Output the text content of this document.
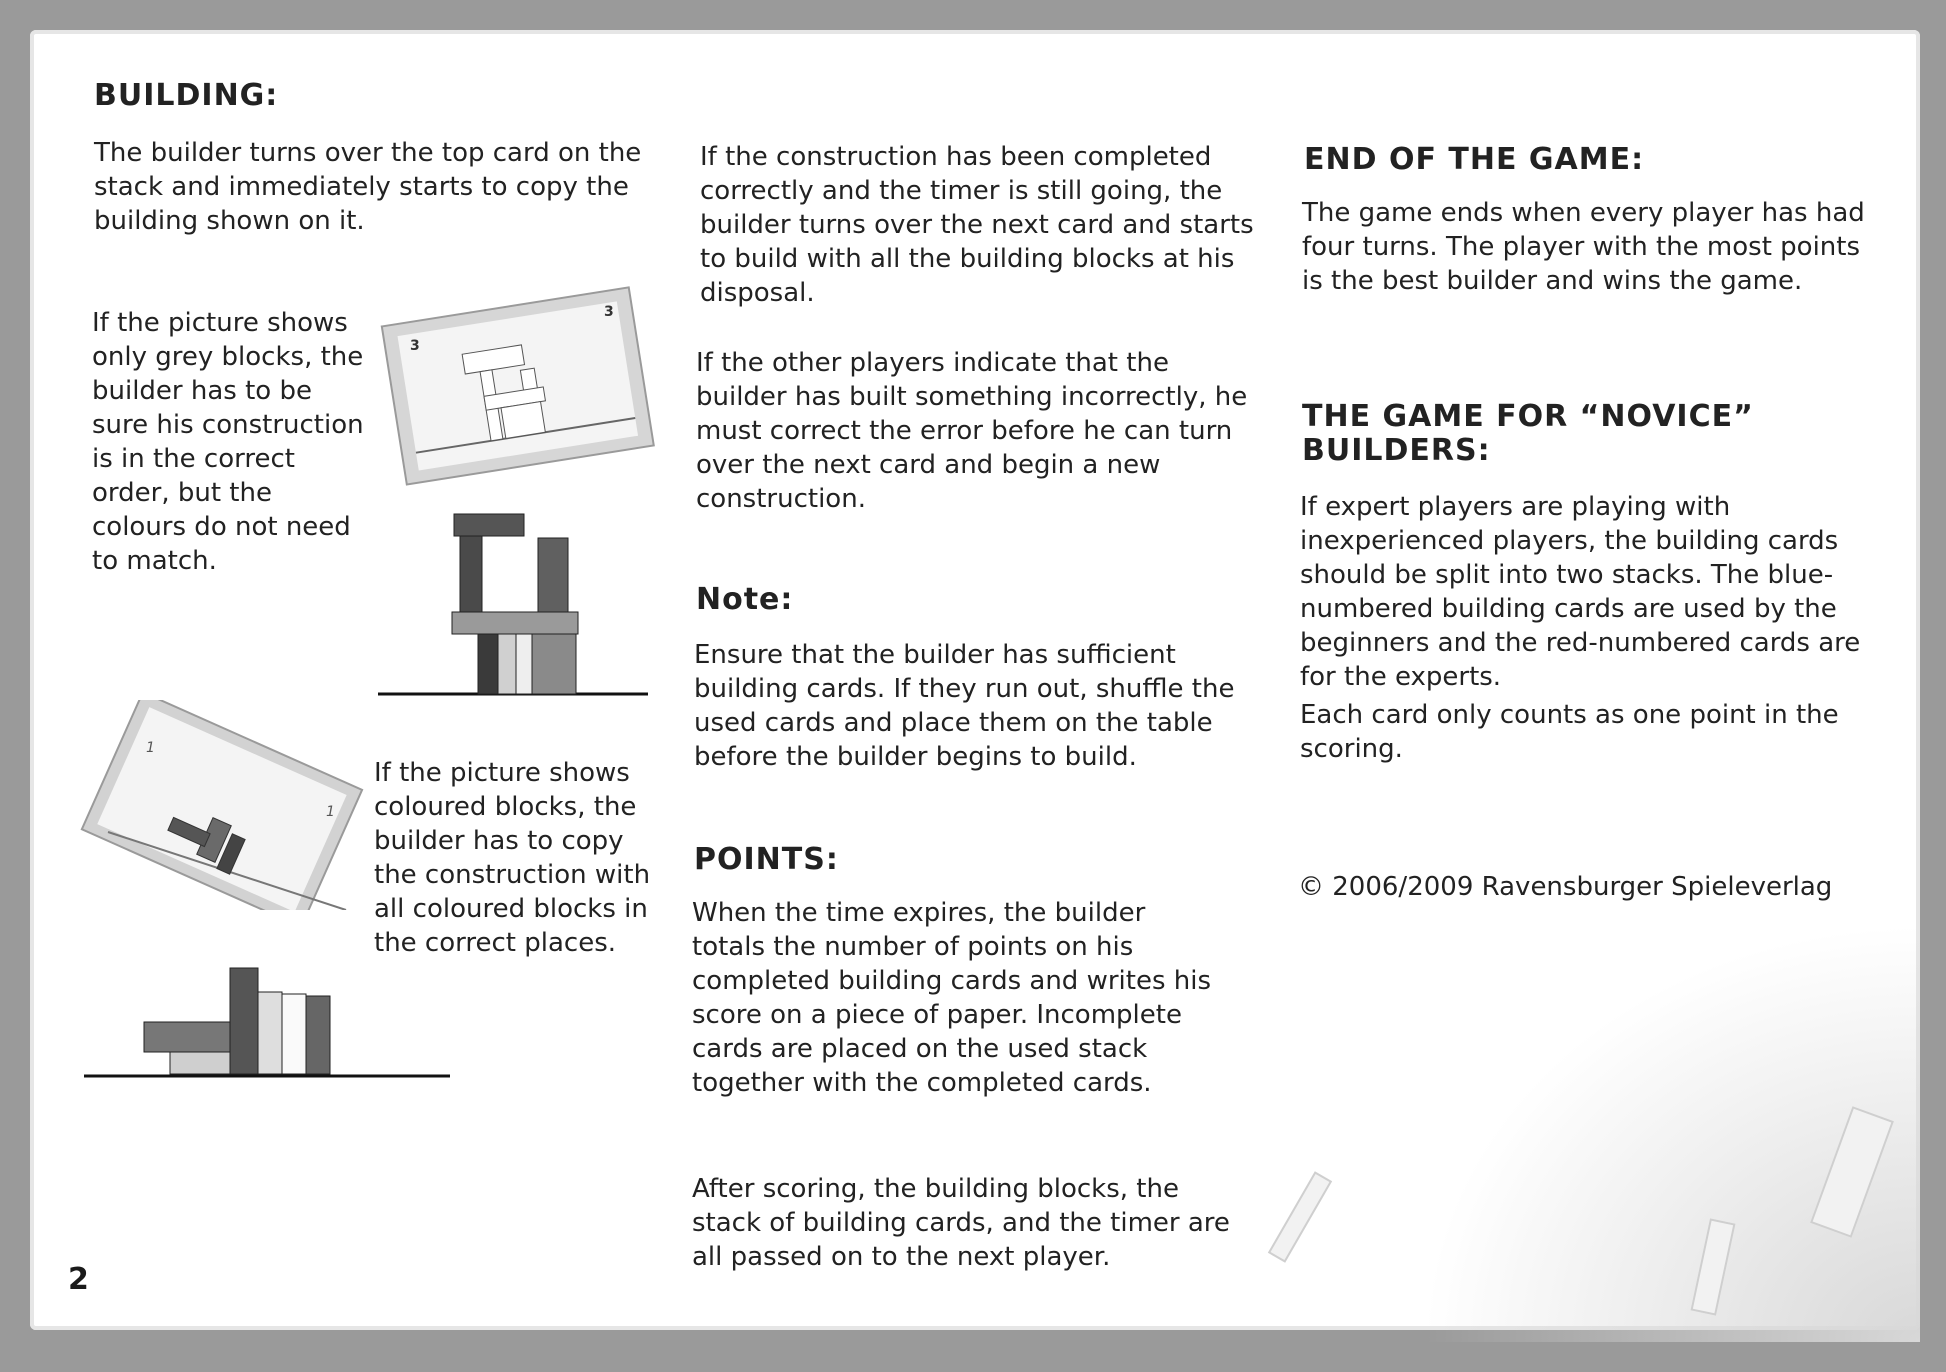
BUILDING:

The builder turns over the top card on the stack and immediately starts to copy the building shown on it.

If the picture shows only grey blocks, the builder has to be sure his construction is in the correct order, but the colours do not need to match.

3
3
1
1

If the picture shows coloured blocks, the builder has to copy the construction with all coloured blocks in the correct places.

2

If the construction has been completed correctly and the timer is still going, the builder turns over the next card and starts to build with all the building blocks at his disposal.

If the other players indicate that the builder has built something incorrectly, he must correct the error before he can turn over the next card and begin a new construction.

Note:

Ensure that the builder has sufficient building cards. If they run out, shuffle the used cards and place them on the table before the builder begins to build.

POINTS:

When the time expires, the builder totals the number of points on his completed building cards and writes his score on a piece of paper. Incomplete cards are placed on the used stack together with the completed cards.

After scoring, the building blocks, the stack of building cards, and the timer are all passed on to the next player.

END OF THE GAME:

The game ends when every player has had four turns. The player with the most points is the best builder and wins the game.

THE GAME FOR “NOVICE” BUILDERS:

If expert players are playing with inexperienced players, the building cards should be split into two stacks. The blue-numbered building cards are used by the beginners and the red-numbered cards are for the experts.

Each card only counts as one point in the scoring.

© 2006/2009 Ravensburger Spieleverlag
